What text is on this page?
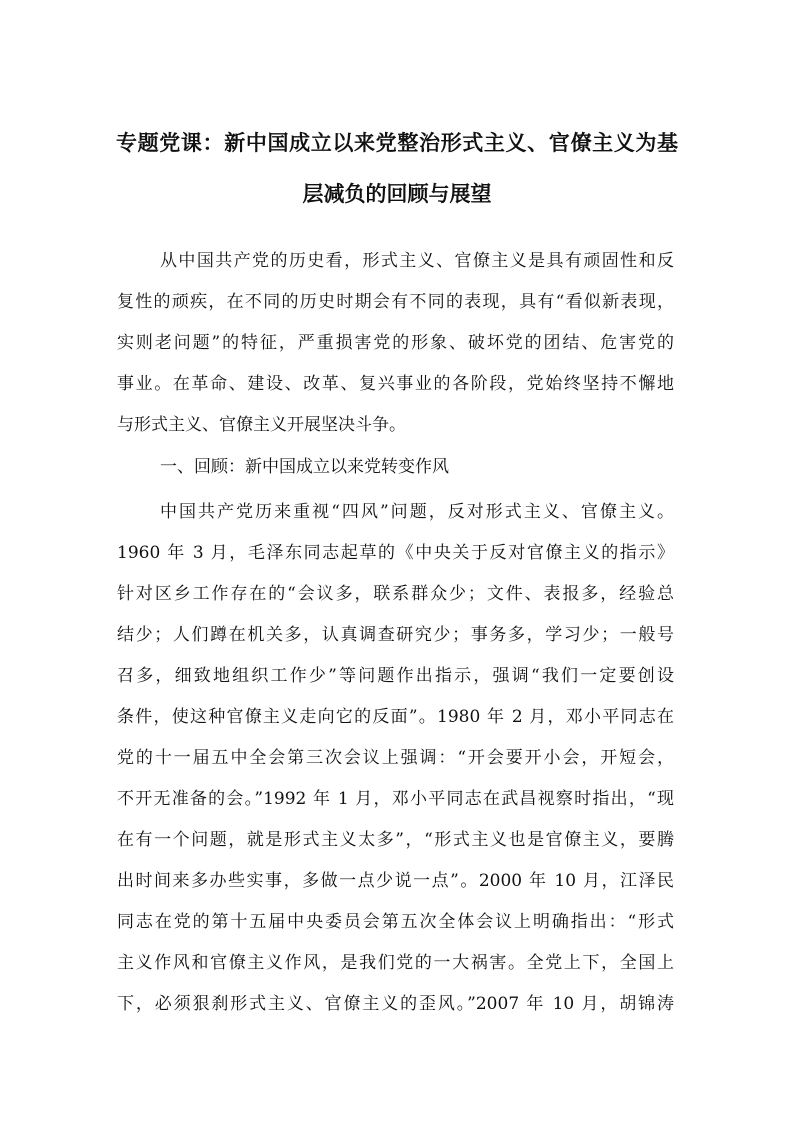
专题党课：新中国成立以来党整治形式主义、官僚主义为基
层减负的回顾与展望

从中国共产党的历史看，形式主义、官僚主义是具有顽固性和反

复性的顽疾，在不同的历史时期会有不同的表现，具有“看似新表现，

实则老问题”的特征，严重损害党的形象、破坏党的团结、危害党的

事业。在革命、建设、改革、复兴事业的各阶段，党始终坚持不懈地

与形式主义、官僚主义开展坚决斗争。

一、回顾：新中国成立以来党转变作风

中国共产党历来重视“四风”问题，反对形式主义、官僚主义。

1960 年 3 月，毛泽东同志起草的《中央关于反对官僚主义的指示》

针对区乡工作存在的“会议多，联系群众少；文件、表报多，经验总

结少；人们蹲在机关多，认真调查研究少；事务多，学习少；一般号

召多，细致地组织工作少”等问题作出指示，强调“我们一定要创设

条件，使这种官僚主义走向它的反面”。1980 年 2 月，邓小平同志在

党的十一届五中全会第三次会议上强调：“开会要开小会，开短会，

不开无准备的会。”1992 年 1 月，邓小平同志在武昌视察时指出，“现

在有一个问题，就是形式主义太多”，“形式主义也是官僚主义，要腾

出时间来多办些实事，多做一点少说一点”。2000 年 10 月，江泽民

同志在党的第十五届中央委员会第五次全体会议上明确指出：“形式

主义作风和官僚主义作风，是我们党的一大祸害。全党上下，全国上

下，必须狠刹形式主义、官僚主义的歪风。”2007 年 10 月，胡锦涛
